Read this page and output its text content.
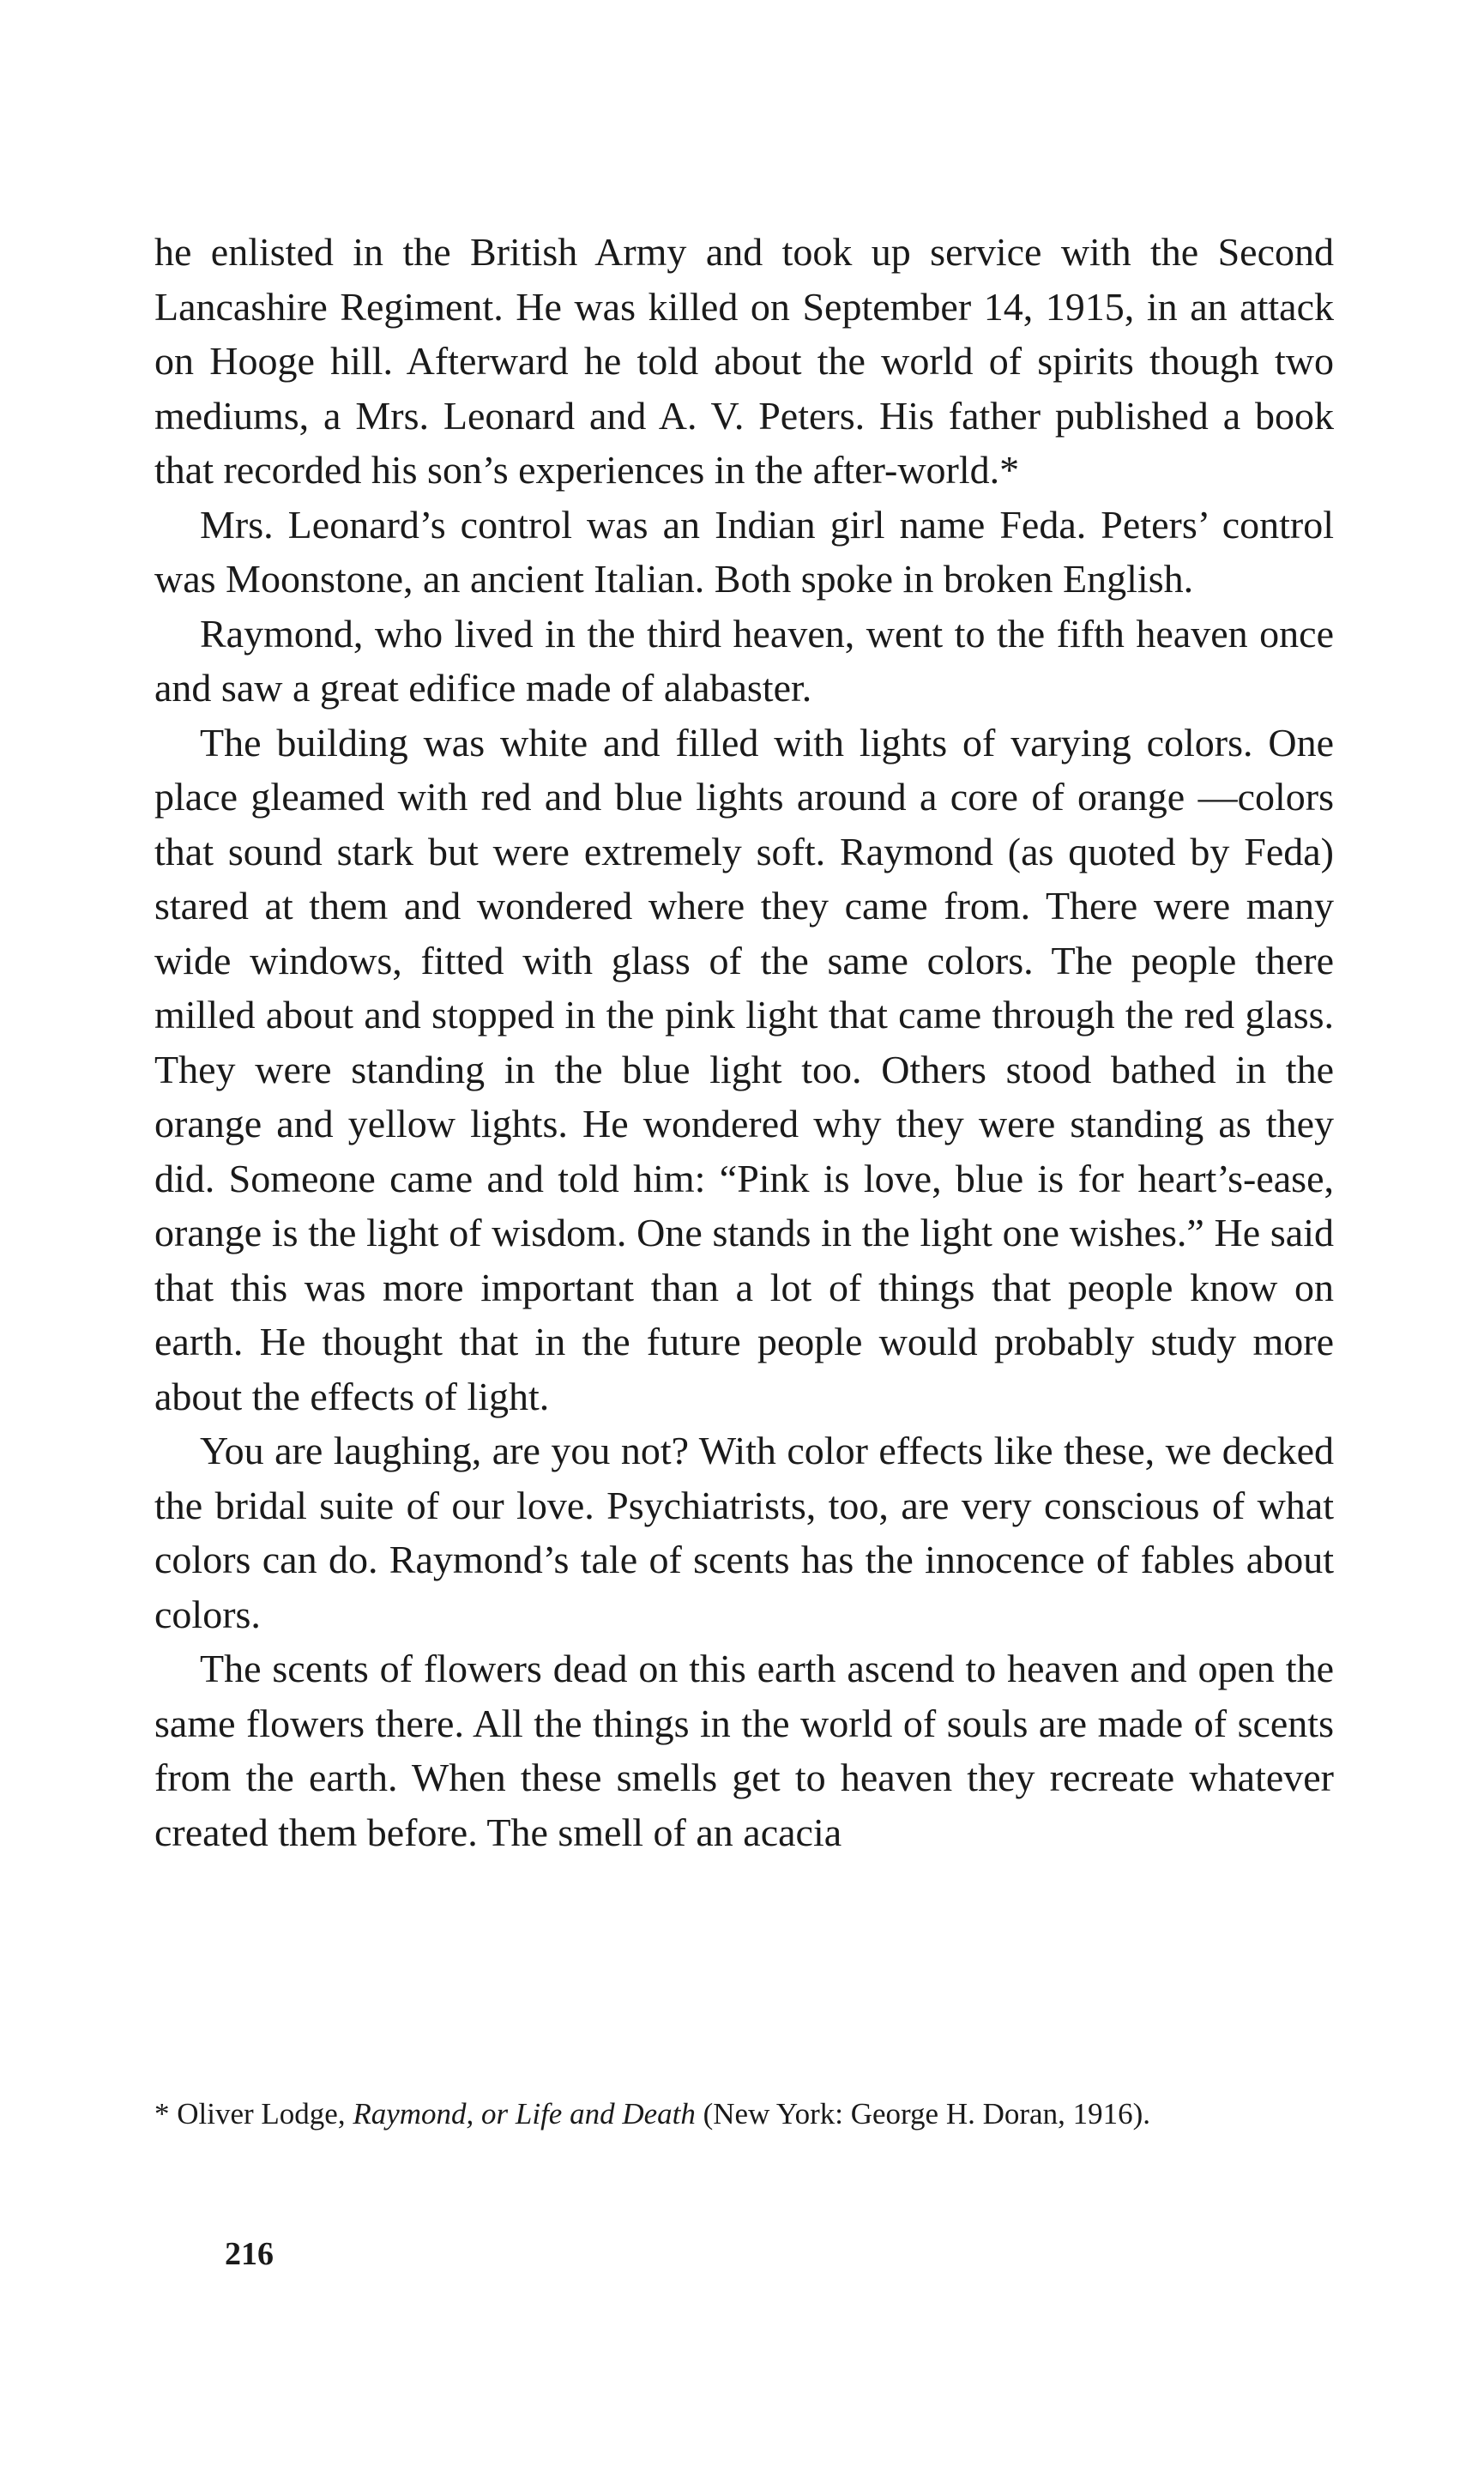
he enlisted in the British Army and took up service with the Second Lancashire Regiment. He was killed on September 14, 1915, in an attack on Hooge hill. Afterward he told about the world of spirits though two mediums, a Mrs. Leonard and A. V. Peters. His father published a book that recorded his son’s experiences in the after-world.*

Mrs. Leonard’s control was an Indian girl name Feda. Peters’ control was Moonstone, an ancient Italian. Both spoke in broken English.

Raymond, who lived in the third heaven, went to the fifth heaven once and saw a great edifice made of alabaster.

The building was white and filled with lights of varying colors. One place gleamed with red and blue lights around a core of orange —colors that sound stark but were extremely soft. Raymond (as quoted by Feda) stared at them and wondered where they came from. There were many wide windows, fitted with glass of the same colors. The people there milled about and stopped in the pink light that came through the red glass. They were standing in the blue light too. Others stood bathed in the orange and yellow lights. He wondered why they were standing as they did. Someone came and told him: “Pink is love, blue is for heart’s-ease, orange is the light of wisdom. One stands in the light one wishes.” He said that this was more important than a lot of things that people know on earth. He thought that in the future people would probably study more about the effects of light.

You are laughing, are you not? With color effects like these, we decked the bridal suite of our love. Psychiatrists, too, are very conscious of what colors can do. Raymond’s tale of scents has the innocence of fables about colors.

The scents of flowers dead on this earth ascend to heaven and open the same flowers there. All the things in the world of souls are made of scents from the earth. When these smells get to heaven they recreate whatever created them before. The smell of an acacia

* Oliver Lodge, Raymond, or Life and Death (New York: George H. Doran, 1916).
216
